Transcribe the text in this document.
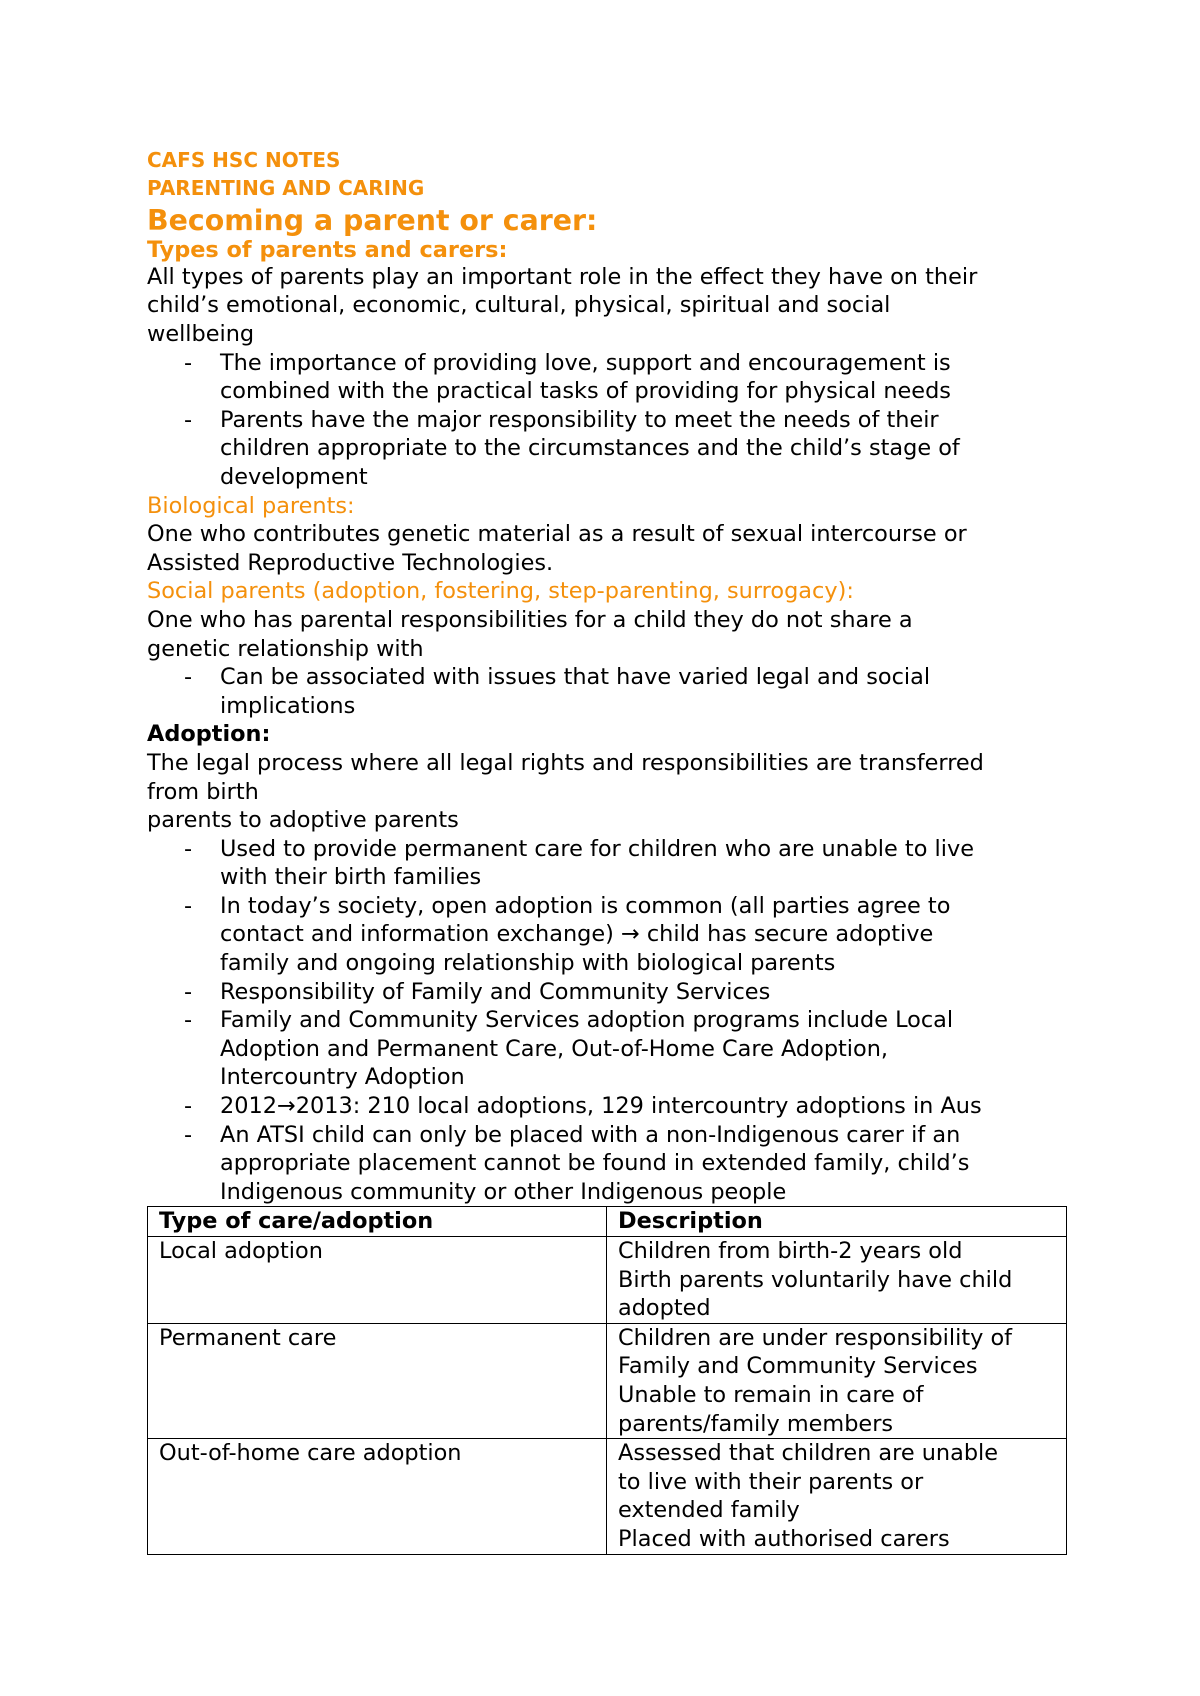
CAFS HSC NOTES
PARENTING AND CARING
Becoming a parent or carer:
Types of parents and carers:
All types of parents play an important role in the effect they have on their
child’s emotional, economic, cultural, physical, spiritual and social
wellbeing
- The importance of providing love, support and encouragement is
combined with the practical tasks of providing for physical needs
- Parents have the major responsibility to meet the needs of their
children appropriate to the circumstances and the child’s stage of
development
Biological parents:
One who contributes genetic material as a result of sexual intercourse or
Assisted Reproductive Technologies.
Social parents (adoption, fostering, step-parenting, surrogacy):
One who has parental responsibilities for a child they do not share a
genetic relationship with
- Can be associated with issues that have varied legal and social
implications
Adoption:
The legal process where all legal rights and responsibilities are transferred
from birth
parents to adoptive parents
- Used to provide permanent care for children who are unable to live
with their birth families
- In today’s society, open adoption is common (all parties agree to
contact and information exchange) → child has secure adoptive
family and ongoing relationship with biological parents
- Responsibility of Family and Community Services
- Family and Community Services adoption programs include Local
Adoption and Permanent Care, Out-of-Home Care Adoption,
Intercountry Adoption
- 2012→2013: 210 local adoptions, 129 intercountry adoptions in Aus
- An ATSI child can only be placed with a non-Indigenous carer if an
appropriate placement cannot be found in extended family, child’s
Indigenous community or other Indigenous people
Type of care/adoption	Description
Local adoption	Children from birth-2 years old
Birth parents voluntarily have child
adopted

Permanent care	Children are under responsibility of
Family and Community Services
Unable to remain in care of
parents/family members

Out-of-home care adoption	Assessed that children are unable
to live with their parents or
extended family
Placed with authorised carers
